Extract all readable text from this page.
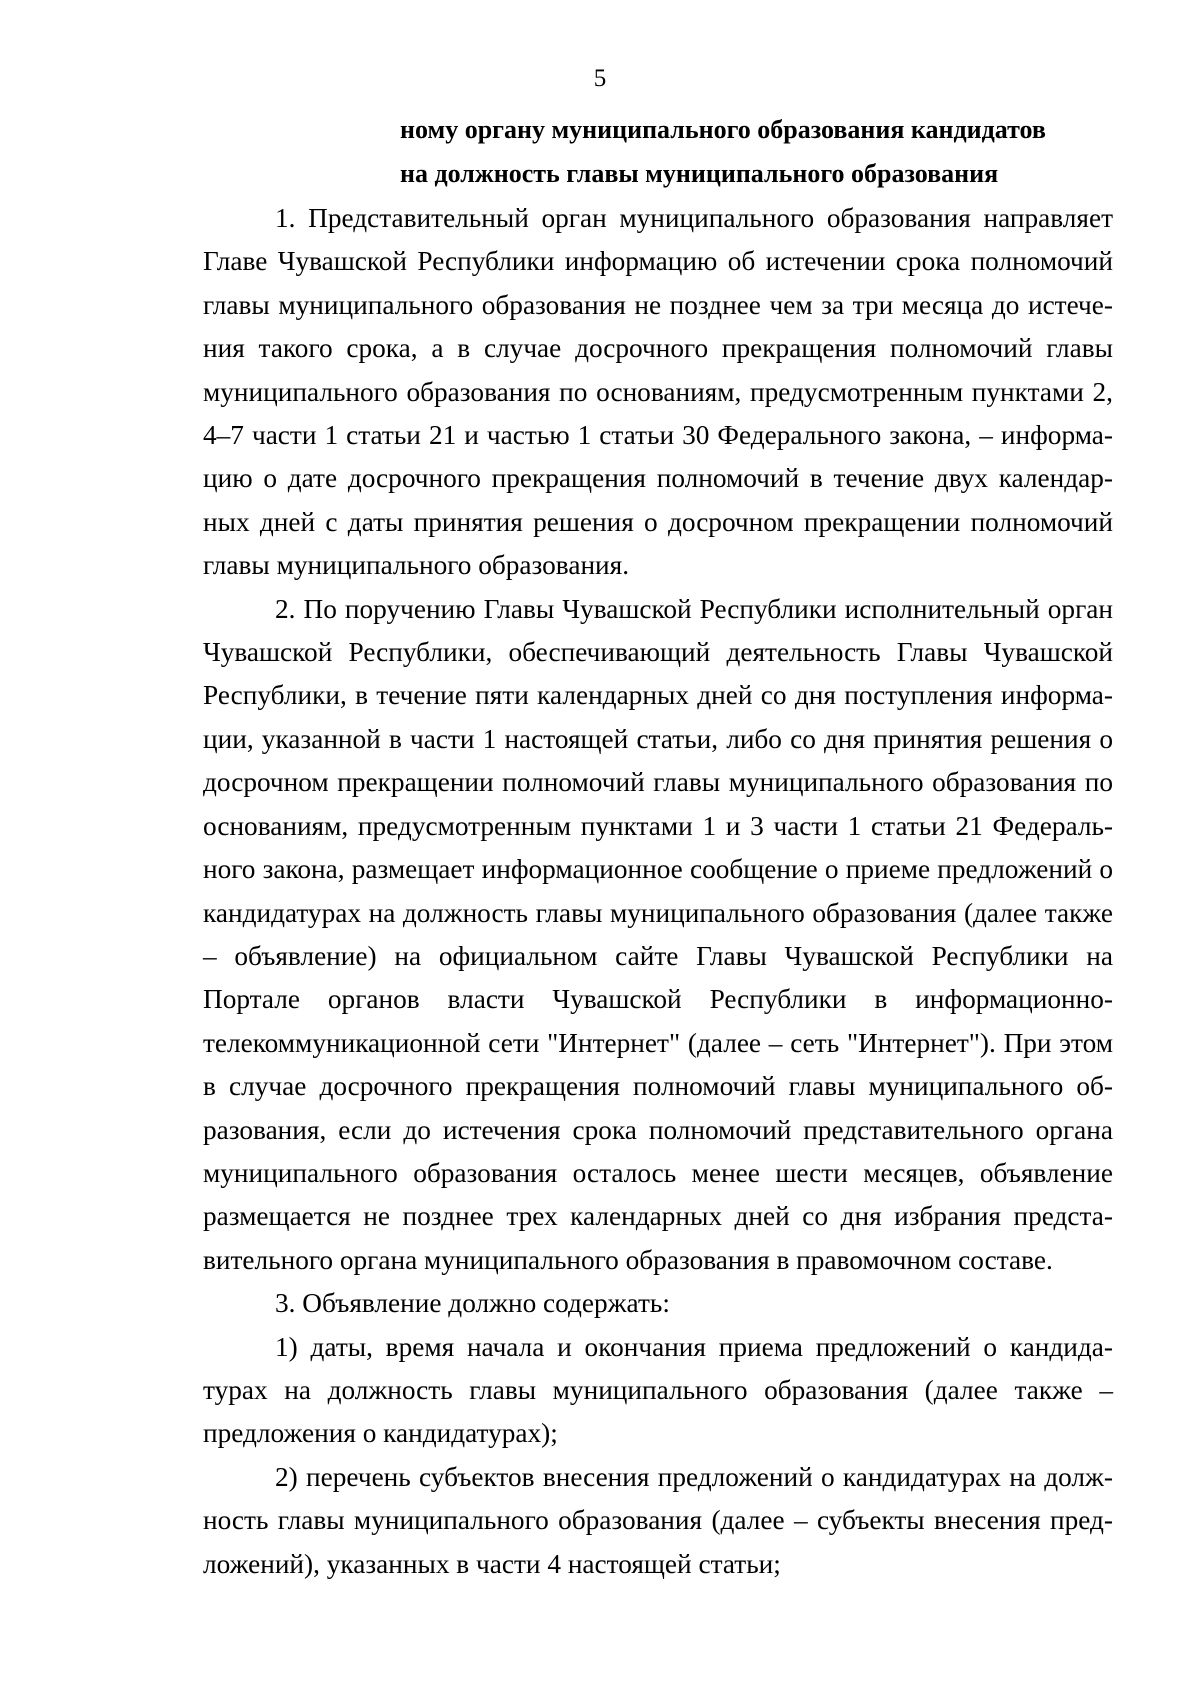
5
ному органу муниципального образования кандидатов
на должность главы муниципального образования

1. Представительный орган муниципального образования направляет Главе Чувашской Республики информацию об истечении срока полномочий главы муниципального образования не позднее чем за три месяца до истечения такого срока, а в случае досрочного прекращения полномочий главы муниципального образования по основаниям, предусмотренным пунктами 2, 4–7 части 1 статьи 21 и частью 1 статьи 30 Федерального закона, – информацию о дате досрочного прекращения полномочий в течение двух календарных дней с даты принятия решения о досрочном прекращении полномочий главы муниципального образования.

2. По поручению Главы Чувашской Республики исполнительный орган Чувашской Республики, обеспечивающий деятельность Главы Чувашской Республики, в течение пяти календарных дней со дня поступления информации, указанной в части 1 настоящей статьи, либо со дня принятия решения о досрочном прекращении полномочий главы муниципального образования по основаниям, предусмотренным пунктами 1 и 3 части 1 статьи 21 Федерального закона, размещает информационное сообщение о приеме предложений о кандидатурах на должность главы муниципального образования (далее также – объявление) на официальном сайте Главы Чувашской Республики на Портале органов власти Чувашской Республики в информационно-телекоммуникационной сети "Интернет" (далее – сеть "Интернет"). При этом в случае досрочного прекращения полномочий главы муниципального образования, если до истечения срока полномочий представительного органа муниципального образования осталось менее шести месяцев, объявление размещается не позднее трех календарных дней со дня избрания представительного органа муниципального образования в правомочном составе.

3. Объявление должно содержать:

1) даты, время начала и окончания приема предложений о кандидатурах на должность главы муниципального образования (далее также – предложения о кандидатурах);

2) перечень субъектов внесения предложений о кандидатурах на должность главы муниципального образования (далее – субъекты внесения предложений), указанных в части 4 настоящей статьи;
